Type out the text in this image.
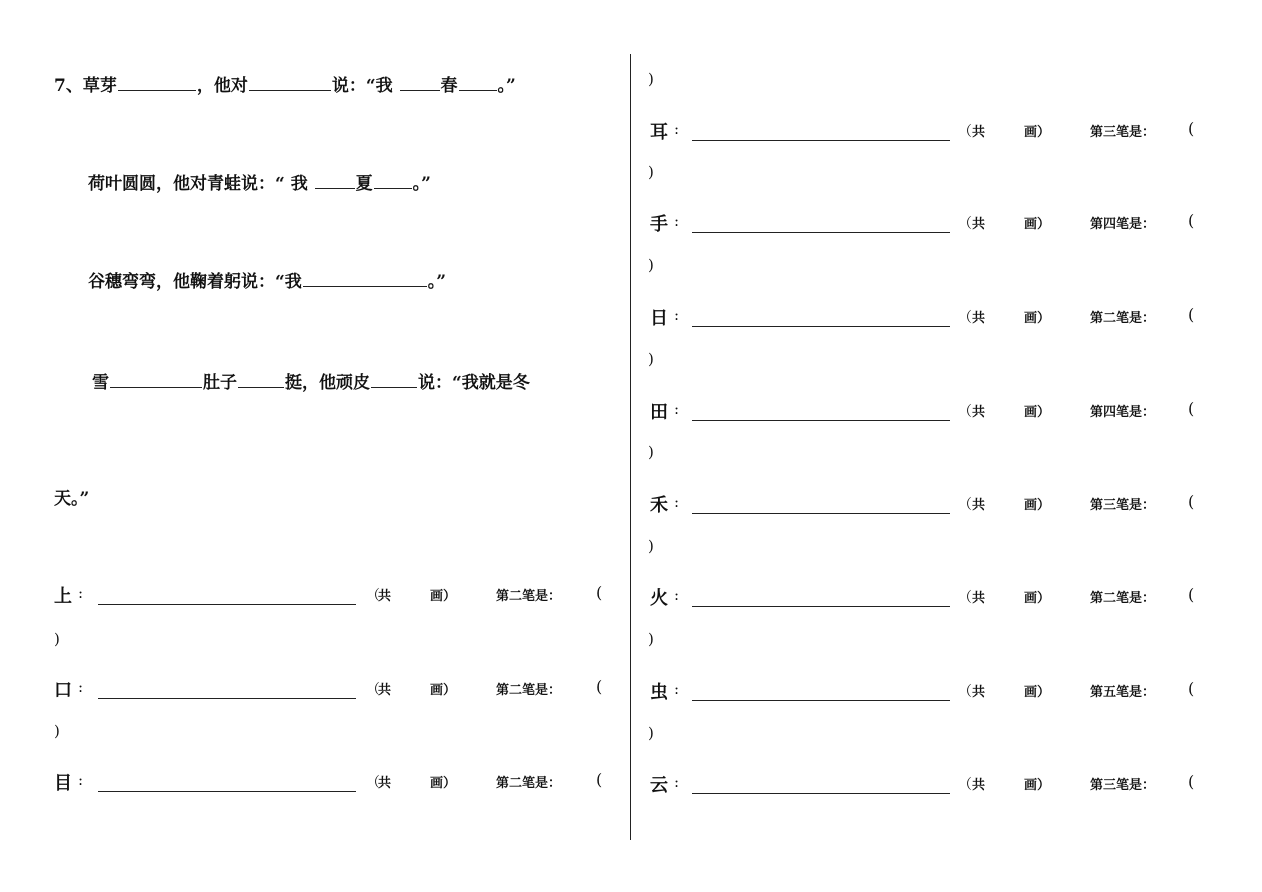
7、草芽	，他对	说：“我 春 。”
荷叶圆圆，他对青蛙说：“ 我 夏 。”
谷穗弯弯，他鞠着躬说：“我	。”
雪	肚子	挺，他顽皮	说：“我就是冬
天。”
上 :	（
共	画）	第二笔是： (
)
口 :	（
共	画）	第二笔是： (
)
目 :	（
共	画）	第二笔是： (
)
耳 :	（ 共	画）	第三笔是： (
)
手 :	（ 共	画）	第四笔是： (
)
日 :	（ 共	画）	第二笔是： (
)
田 :	（ 共	画）	第四笔是： (
)
禾 :	（ 共	画）	第三笔是： (
)
火 :	（ 共	画）	第二笔是： (
)
虫 :	（ 共	画）	第五笔是： (
)
云 :	（ 共	画）	第三笔是： (
